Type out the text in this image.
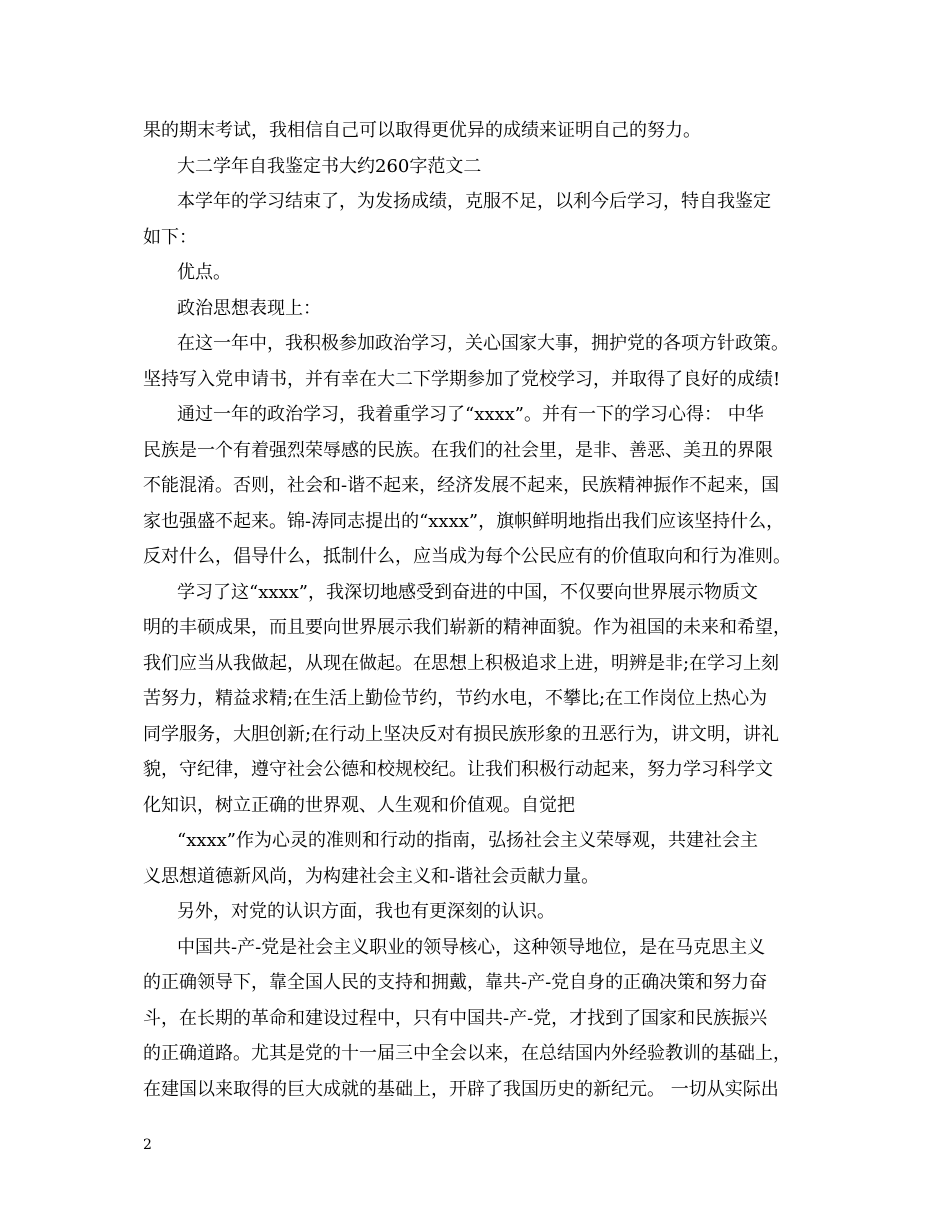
果的期末考试，我相信自己可以取得更优异的成绩来证明自己的努力。
大二学年自我鉴定书大约260字范文二
本学年的学习结束了，为发扬成绩，克服不足，以利今后学习，特自我鉴定
如下：
优点。
政治思想表现上：
在这一年中，我积极参加政治学习，关心国家大事，拥护党的各项方针政策。
坚持写入党申请书，并有幸在大二下学期参加了党校学习，并取得了良好的成绩!
通过一年的政治学习，我着重学习了“xxxx”。并有一下的学习心得： 中华
民族是一个有着强烈荣辱感的民族。在我们的社会里，是非、善恶、美丑的界限
不能混淆。否则，社会和-谐不起来，经济发展不起来，民族精神振作不起来，国
家也强盛不起来。锦-涛同志提出的“xxxx”，旗帜鲜明地指出我们应该坚持什么，
反对什么，倡导什么，抵制什么，应当成为每个公民应有的价值取向和行为准则。
学习了这“xxxx”，我深切地感受到奋进的中国，不仅要向世界展示物质文
明的丰硕成果，而且要向世界展示我们崭新的精神面貌。作为祖国的未来和希望，
我们应当从我做起，从现在做起。在思想上积极追求上进，明辨是非;在学习上刻
苦努力，精益求精;在生活上勤俭节约，节约水电，不攀比;在工作岗位上热心为
同学服务，大胆创新;在行动上坚决反对有损民族形象的丑恶行为，讲文明，讲礼
貌，守纪律，遵守社会公德和校规校纪。让我们积极行动起来，努力学习科学文
化知识，树立正确的世界观、人生观和价值观。自觉把
“xxxx”作为心灵的准则和行动的指南，弘扬社会主义荣辱观，共建社会主
义思想道德新风尚，为构建社会主义和-谐社会贡献力量。
另外，对党的认识方面，我也有更深刻的认识。
中国共-产-党是社会主义职业的领导核心，这种领导地位，是在马克思主义
的正确领导下，靠全国人民的支持和拥戴，靠共-产-党自身的正确决策和努力奋
斗，在长期的革命和建设过程中，只有中国共-产-党，才找到了国家和民族振兴
的正确道路。尤其是党的十一届三中全会以来，在总结国内外经验教训的基础上，
在建国以来取得的巨大成就的基础上，开辟了我国历史的新纪元。 一切从实际出
2
